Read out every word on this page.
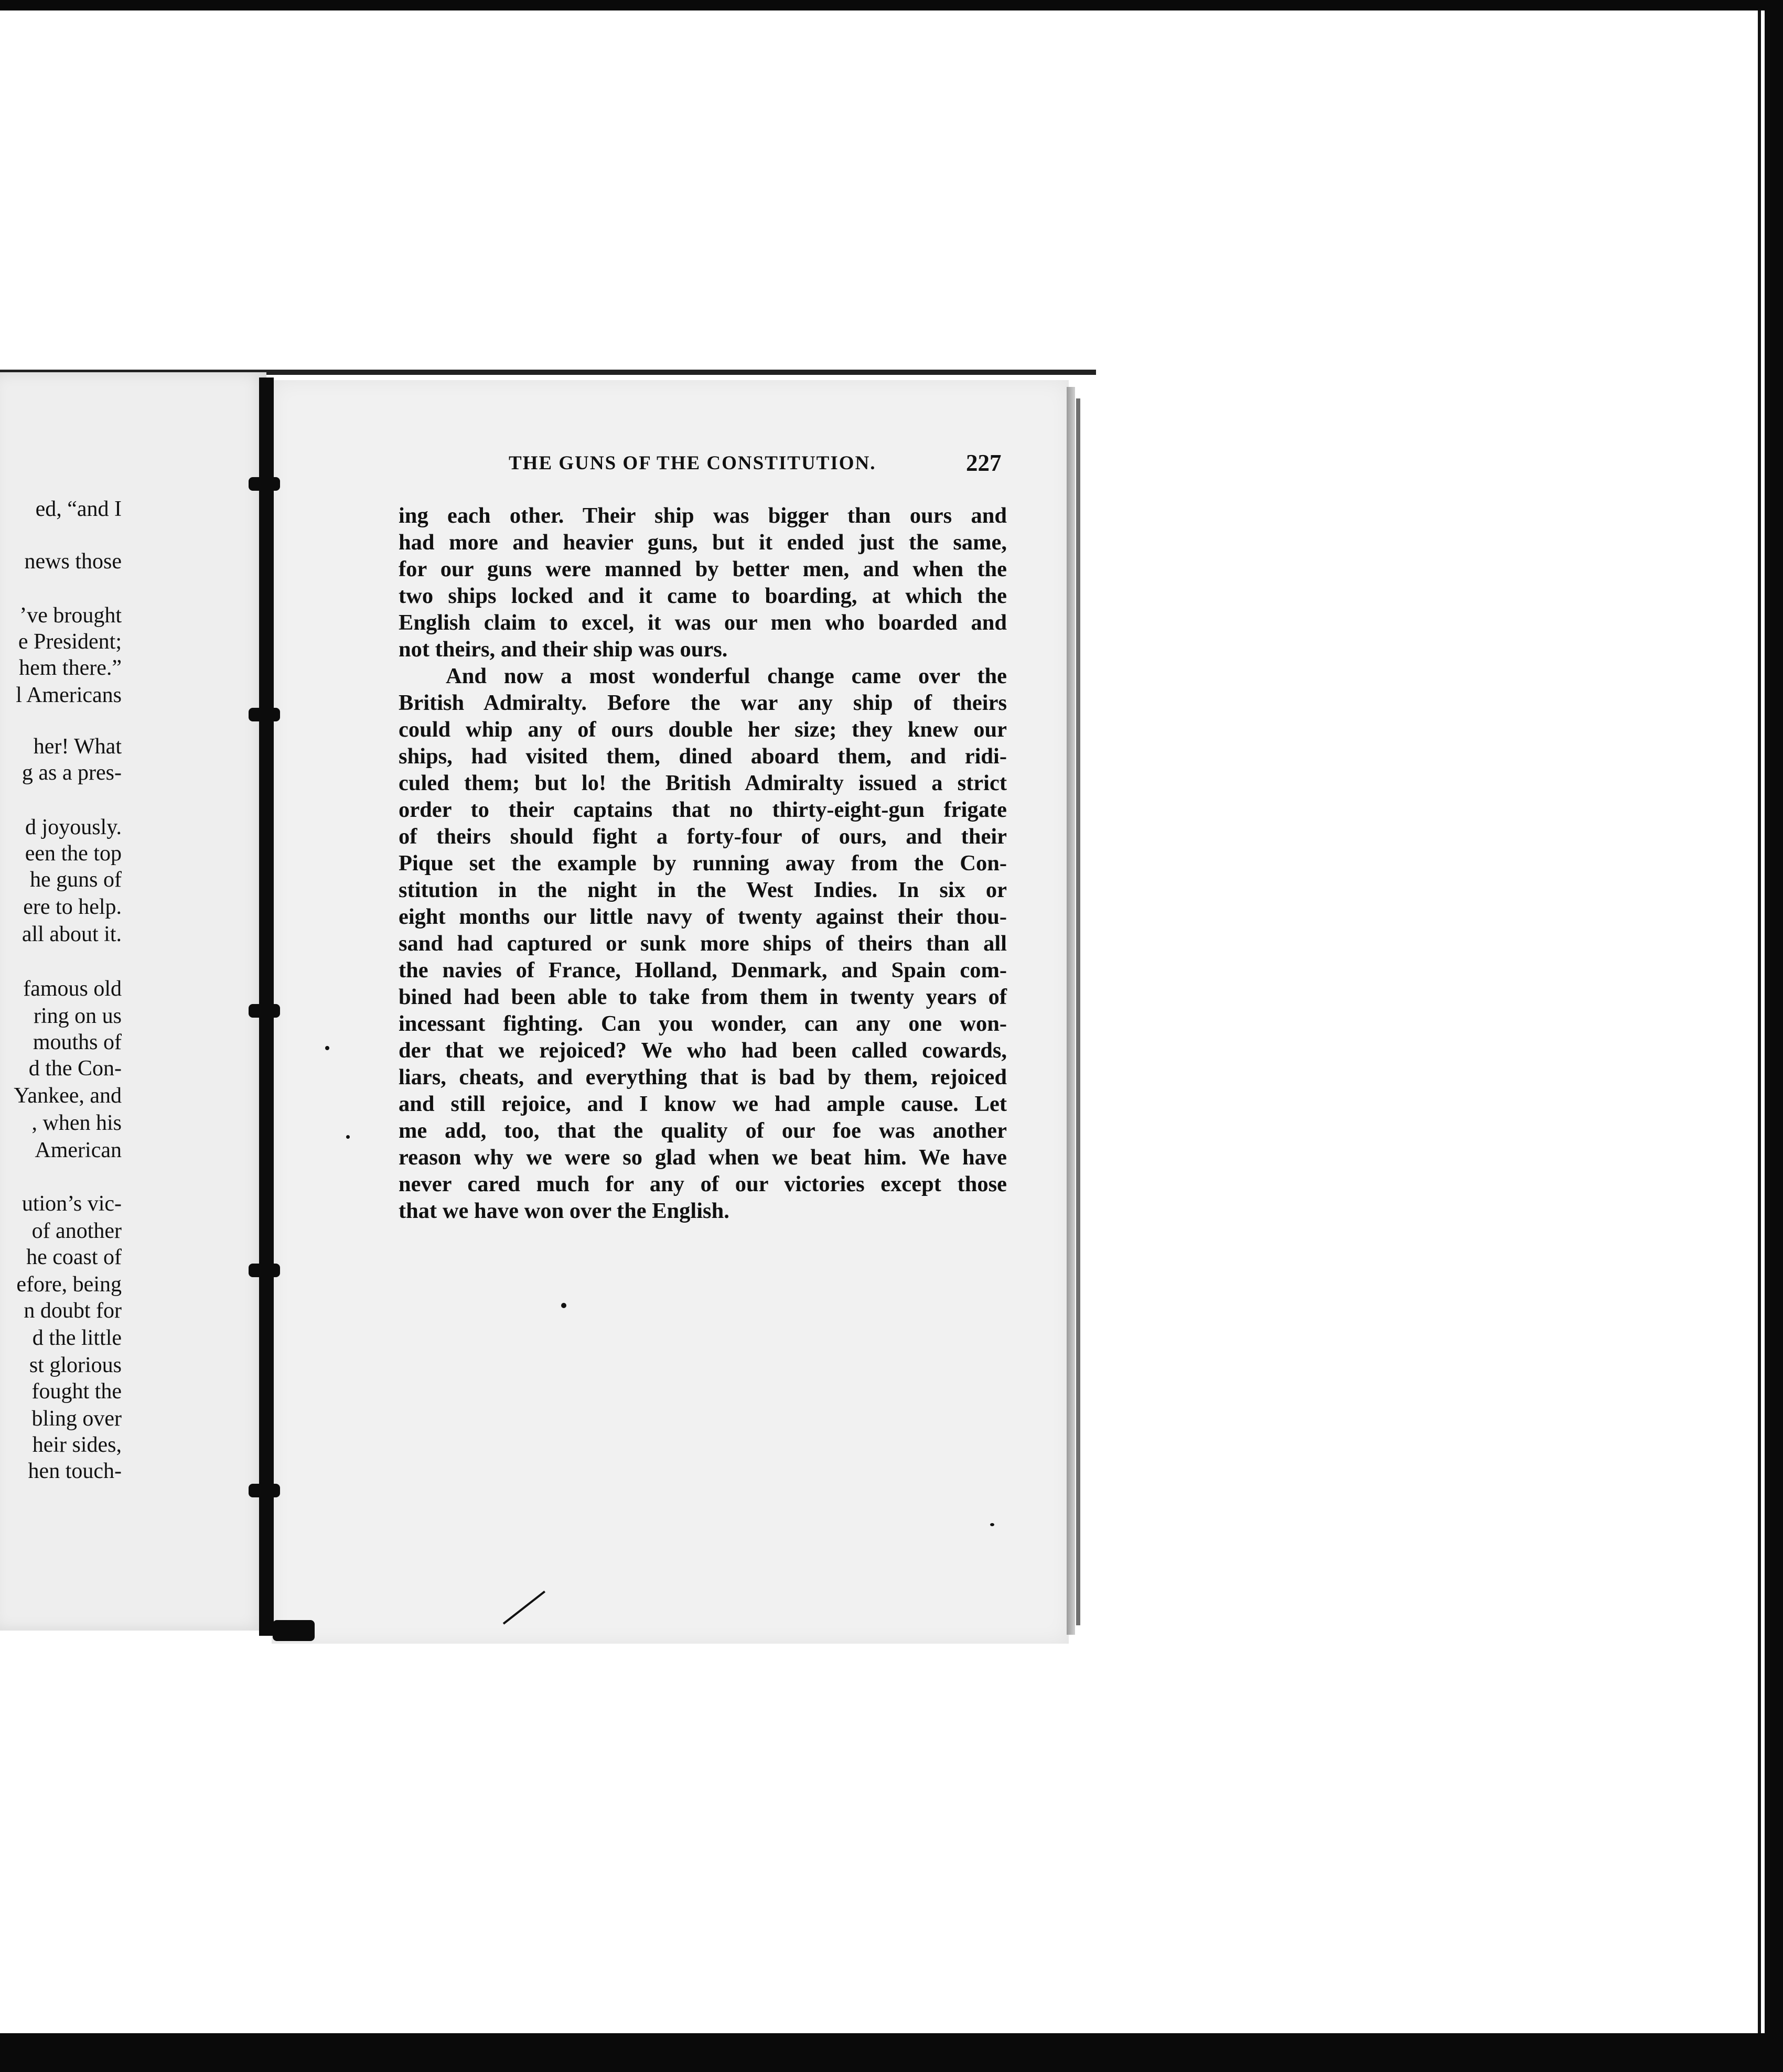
ed, “and I
news those
’ve brought
e President;
hem there.”
l Americans
her! What
g as a pres-
d joyously.
een the top
he guns of
ere to help.
all about it.
famous old
ring on us
mouths of
d the Con-
Yankee, and
, when his
American
ution’s vic-
of another
he coast of
efore, being
n doubt for
d the little
st glorious
fought the
bling over
heir sides,
hen touch-
THE GUNS OF THE CONSTITUTION.	227
ing each other. Their ship was bigger than ours and
had more and heavier guns, but it ended just the same,
for our guns were manned by better men, and when the
two ships locked and it came to boarding, at which the
English claim to excel, it was our men who boarded and
not theirs, and their ship was ours.
And now a most wonderful change came over the
British Admiralty. Before the war any ship of theirs
could whip any of ours double her size; they knew our
ships, had visited them, dined aboard them, and ridi-
culed them; but lo! the British Admiralty issued a strict
order to their captains that no thirty-eight-gun frigate
of theirs should fight a forty-four of ours, and their
Pique set the example by running away from the Con-
stitution in the night in the West Indies. In six or
eight months our little navy of twenty against their thou-
sand had captured or sunk more ships of theirs than all
the navies of France, Holland, Denmark, and Spain com-
bined had been able to take from them in twenty years of
incessant fighting. Can you wonder, can any one won-
der that we rejoiced? We who had been called cowards,
liars, cheats, and everything that is bad by them, rejoiced
and still rejoice, and I know we had ample cause. Let
me add, too, that the quality of our foe was another
reason why we were so glad when we beat him. We have
never cared much for any of our victories except those
that we have won over the English.
